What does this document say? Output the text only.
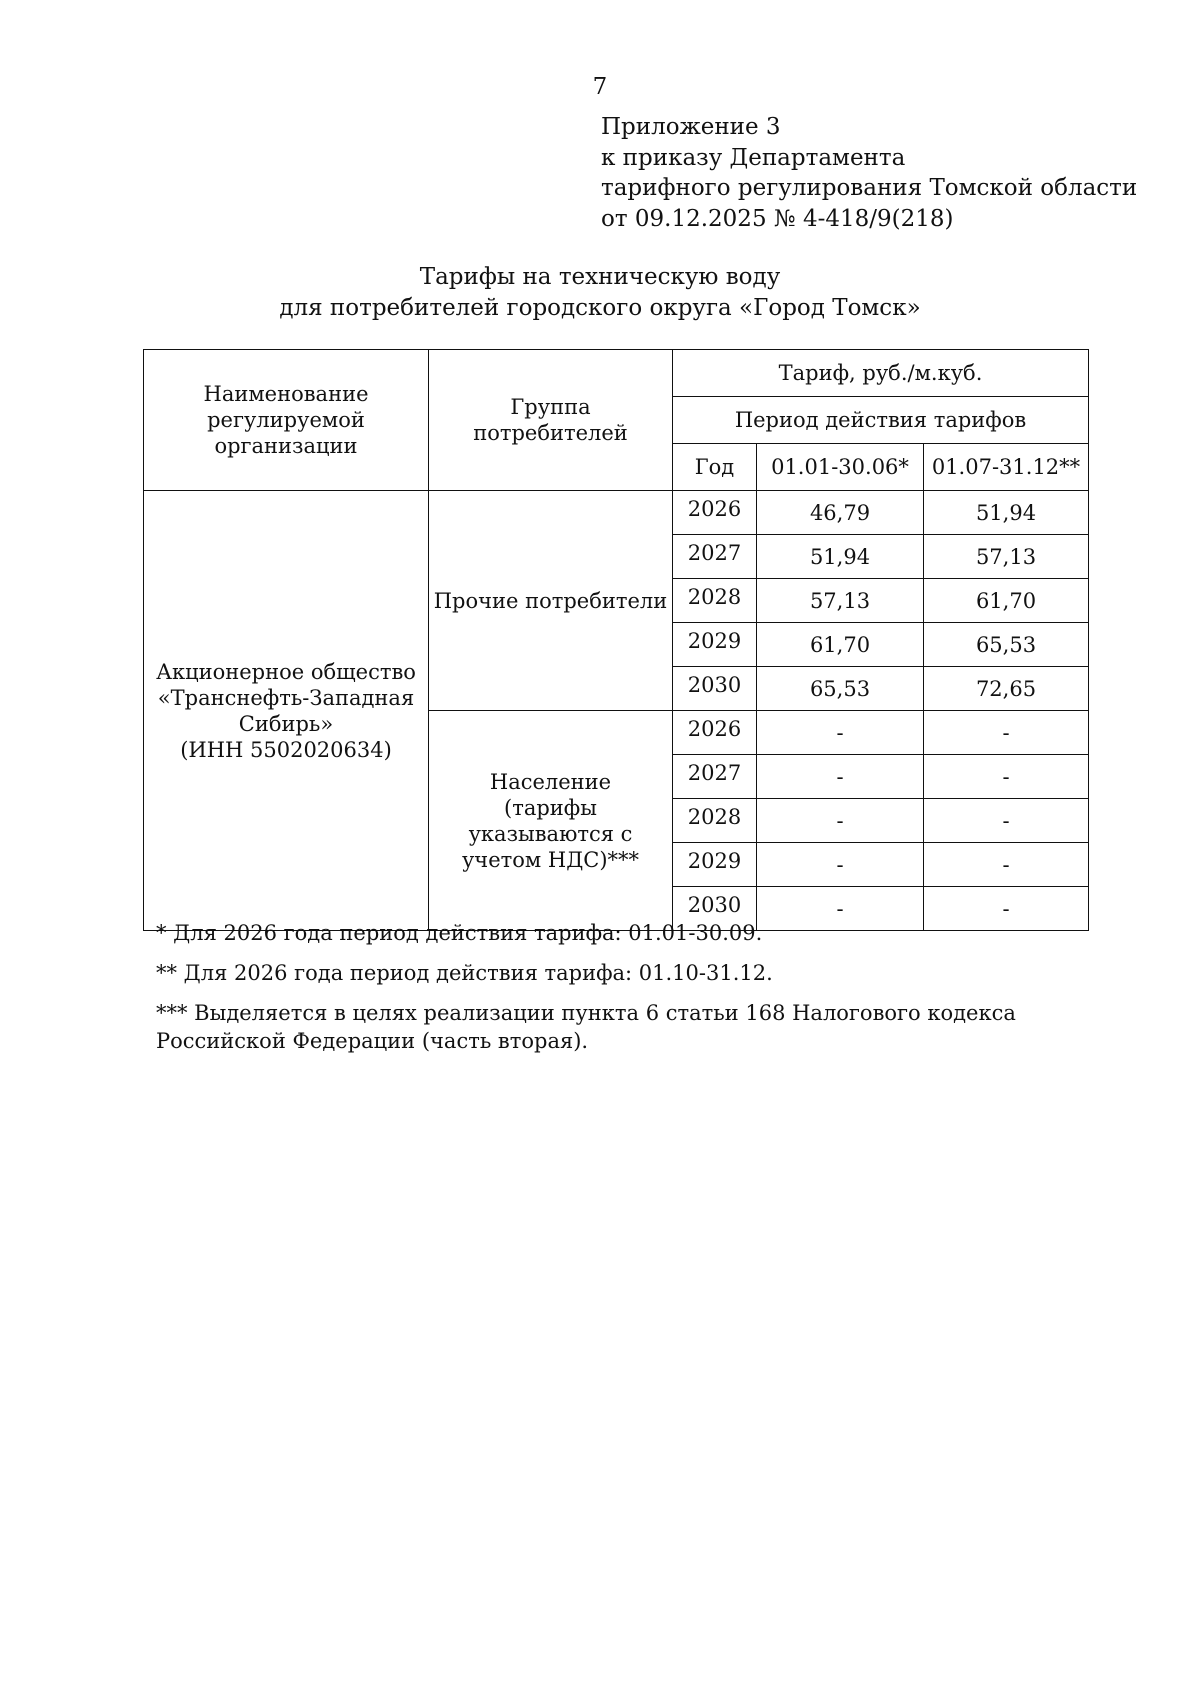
7
Приложение 3
к приказу Департамента
тарифного регулирования Томской области
от 09.12.2025 № 4-418/9(218)
Тарифы на техническую воду
для потребителей городского округа «Город Томск»
Наименование регулируемой организации	Группа потребителей	Тариф, руб./м.куб.		
		Период действия тарифов		
		Год	01.01-30.06*	01.07-31.12**

Акционерное общество
«Транснефть-Западная
Сибирь»
(ИНН 5502020634)	Прочие потребители	2026	46,79	51,94
		2027	51,94	57,13
		2028	57,13	61,70
		2029	61,70	65,53
		2030	65,53	72,65

	Население
(тарифы
указываются с
учетом НДС)***	2026	-	-
		2027	-	-
		2028	-	-
		2029	-	-
		2030	-	-

* Для 2026 года период действия тарифа: 01.01-30.09.

** Для 2026 года период действия тарифа: 01.10-31.12.

*** Выделяется в целях реализации пункта 6 статьи 168 Налогового кодекса Российской Федерации (часть вторая).
